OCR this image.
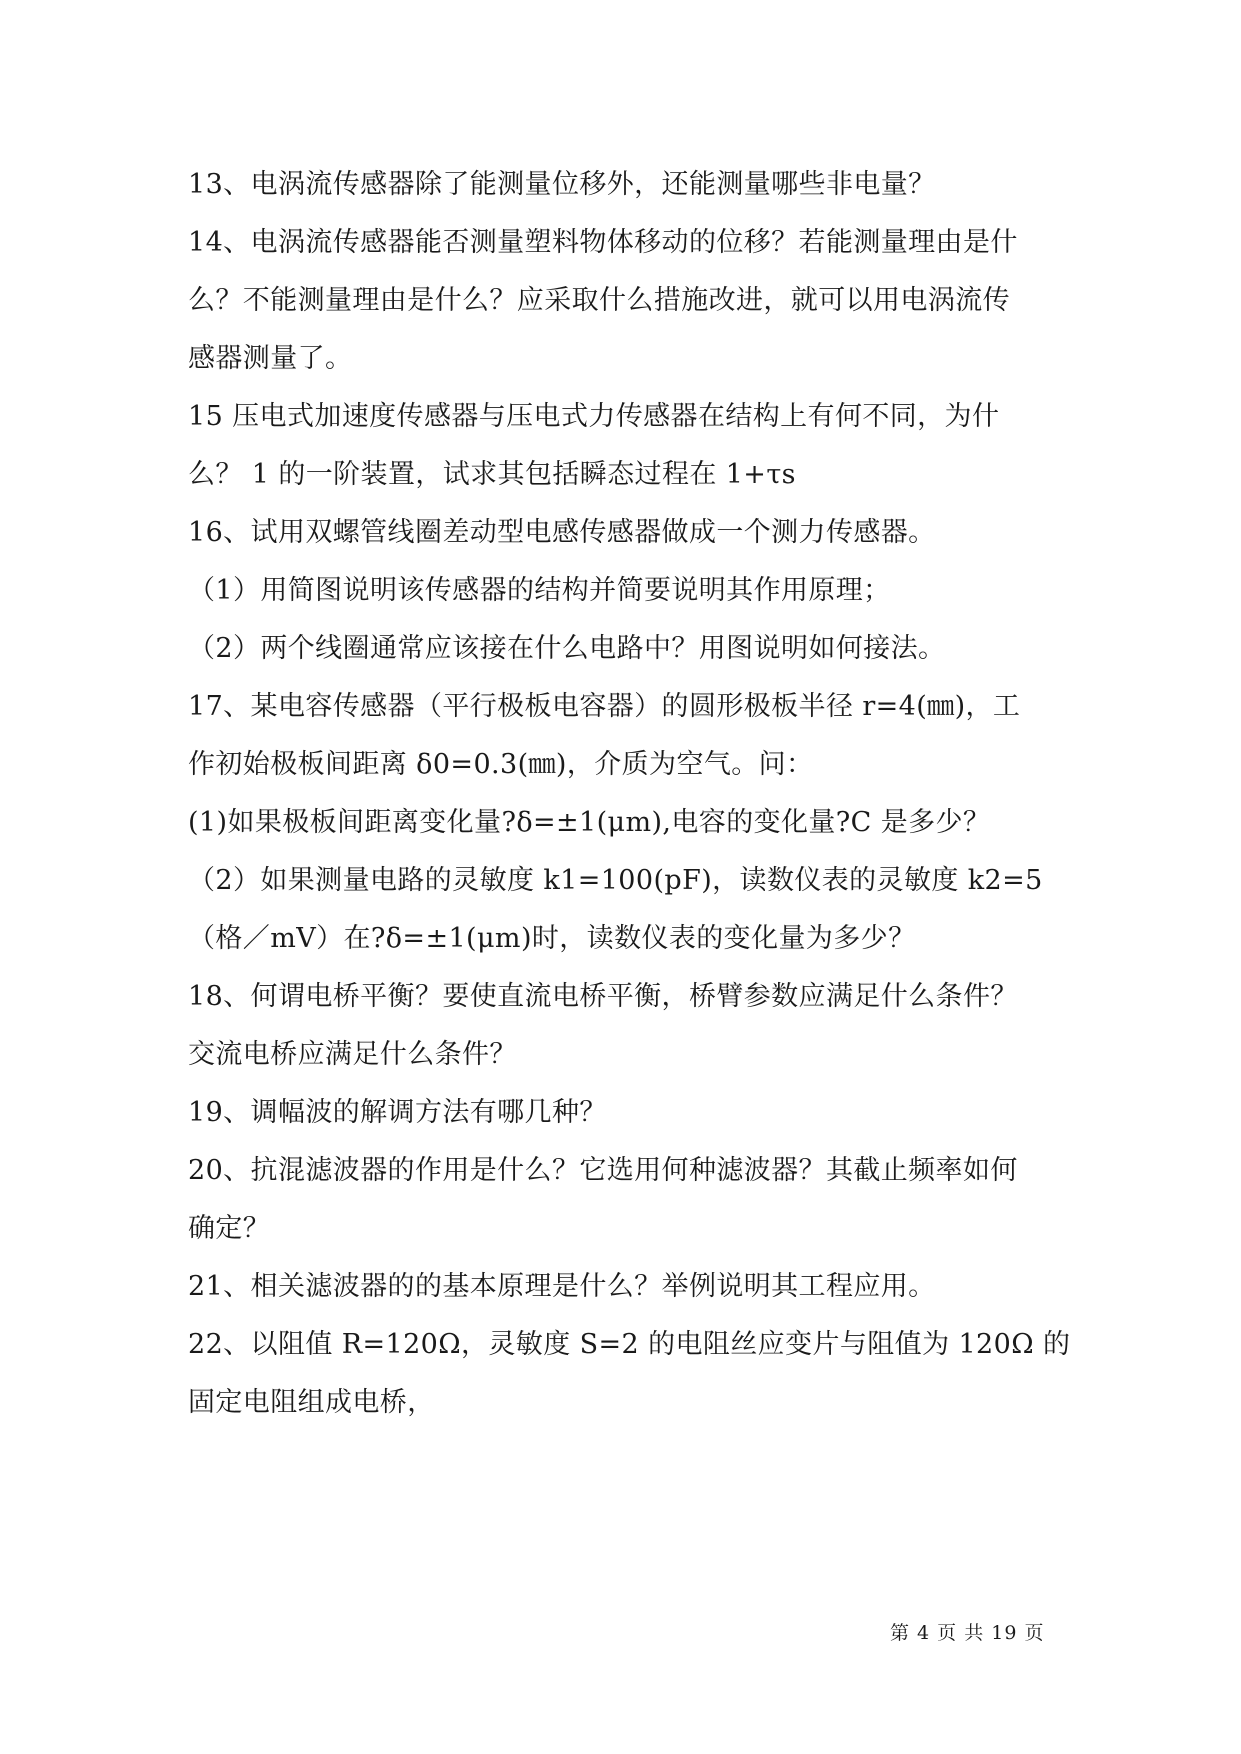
13、电涡流传感器除了能测量位移外，还能测量哪些非电量？
14、电涡流传感器能否测量塑料物体移动的位移？若能测量理由是什
么？不能测量理由是什么？应采取什么措施改进，就可以用电涡流传
感器测量了。
15 压电式加速度传感器与压电式力传感器在结构上有何不同，为什
么？ 1 的一阶装置，试求其包括瞬态过程在 1+τs
16、试用双螺管线圈差动型电感传感器做成一个测力传感器。
（1）用简图说明该传感器的结构并简要说明其作用原理；
（2）两个线圈通常应该接在什么电路中？用图说明如何接法。
17、某电容传感器（平行极板电容器）的圆形极板半径 r=4(㎜)，工
作初始极板间距离 δ0=0.3(㎜)，介质为空气。问：
(1)如果极板间距离变化量?δ=±1(μm),电容的变化量?C 是多少？
（2）如果测量电路的灵敏度 k1=100(pF)，读数仪表的灵敏度 k2=5
（格／mV）在?δ=±1(μm)时，读数仪表的变化量为多少？
18、何谓电桥平衡？要使直流电桥平衡，桥臂参数应满足什么条件？
交流电桥应满足什么条件？
19、调幅波的解调方法有哪几种？
20、抗混滤波器的作用是什么？它选用何种滤波器？其截止频率如何
确定？
21、相关滤波器的的基本原理是什么？举例说明其工程应用。
22、以阻值 R=120Ω，灵敏度 S=2 的电阻丝应变片与阻值为 120Ω 的
固定电阻组成电桥，
第 4 页 共 19 页
